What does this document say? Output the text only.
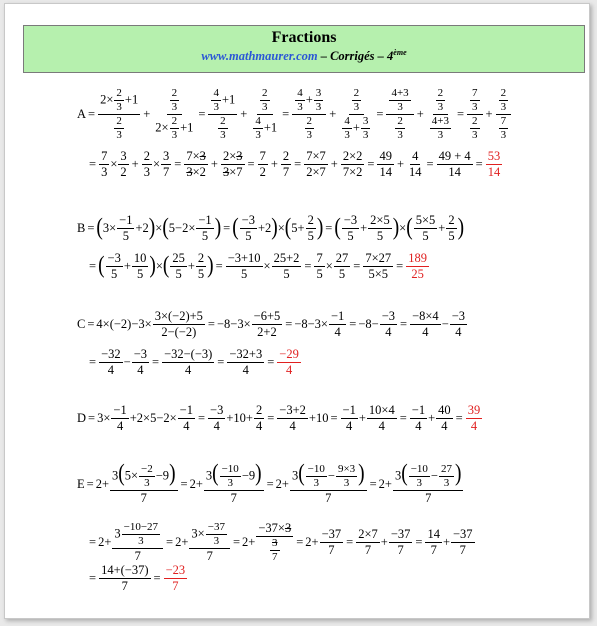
Fractions
www.mathmaurer.com – Corrigés – 4ème
$A = \frac{2\times \frac{2}{3} +1}{\frac{2}{3}} + \frac{\frac{2}{3}}{2\times \frac{2}{3} +1} = \frac{\frac{4}{3} +1}{\frac{2}{3}} + \frac{\frac{2}{3}}{\frac{4}{3} +1} = \frac{\frac{4}{3} + \frac{3}{3}}{\frac{2}{3}} + \frac{\frac{2}{3}}{\frac{4}{3} + \frac{3}{3}} = \frac{\frac{4+3}{3}}{\frac{2}{3}} + \frac{\frac{2}{3}}{\frac{4+3}{3}} = \frac{\frac{7}{3}}{\frac{2}{3}} + \frac{\frac{2}{3}}{\frac{7}{3}}$
= $\frac{7}{3}$ ×
3
2
+ $\frac{2}{3} \times \frac{3}{7} = \frac{7\times 3}{3\times 2} + \frac{2\times 3}{3\times 7} = \frac{7}{2} + \frac{2}{7} = \frac{7\times 7}{2\times 7} + \frac{2\times 2}{7\times 2} = \frac{49}{14} + \frac{4}{14} = \frac{49 + 4}{14} = \frac{53}{14}$
B = ( 3×
−1
5
+2 ) × ( 5−2×
−1
5 ) = ( −3
5
+2 ) × ( 5+
2
5 ) = ( −3
5
+
2×5
5 ) × ( 5×5
5
+
2
5 )
= ( −3
5
+
10
5 ) × ( 25
5
+
2
5 ) = $\frac{-3+10}{5} \times \frac{25+2}{5} = \frac{7}{5} \times \frac{27}{5} = \frac{7\times 27}{5\times 5} = \frac{189}{25}$
$C = 4\times(-2)-3\times \frac{3\times(-2)+5}{2-(-2)} = -8-3\times \frac{-6+5}{2+2} = -8-3\times \frac{-1}{4} = -8- \frac{-3}{4} = \frac{-8\times 4}{4}$ −
−3
4
= $\frac{-32}{4} - \frac{-3}{4} = \frac{-32-(-3)}{4} = \frac{-32+3}{4} = \frac{-29}{4}$
$D = 3\times \frac{-1}{4} +2\times 5-2\times \frac{-1}{4} = \frac{-3}{4} +10+ \frac{2}{4} = \frac{-3+2}{4} +10 = \frac{-1}{4} + \frac{10\times 4}{4} = \frac{-1}{4} + \frac{40}{4} = \frac{39}{4}$
$E = 2+ \frac{3(5\times \frac{-2}{3} -9)}{7} = 2+ \frac{3( \frac{-10}{3} -9)}{7} = 2+ \frac{3( \frac{-10}{3} - \frac{9\times 3}{3} )}{7} = 2+ \frac{3( \frac{-10}{3} - \frac{27}{3} )}{7}$
= $2+ \frac{3 \frac{-10-27}{3}}{7} = 2+ \frac{3\times \frac{-37}{3}}{7} = 2+ \frac{-37\times 3}{\frac{3}{7}} = 2+ \frac{-37}{7} = \frac{2\times 7}{7} + \frac{-37}{7} = \frac{14}{7}$ +
−37
7
= $\frac{14+(-37)}{7} = \frac{-23}{7}$
